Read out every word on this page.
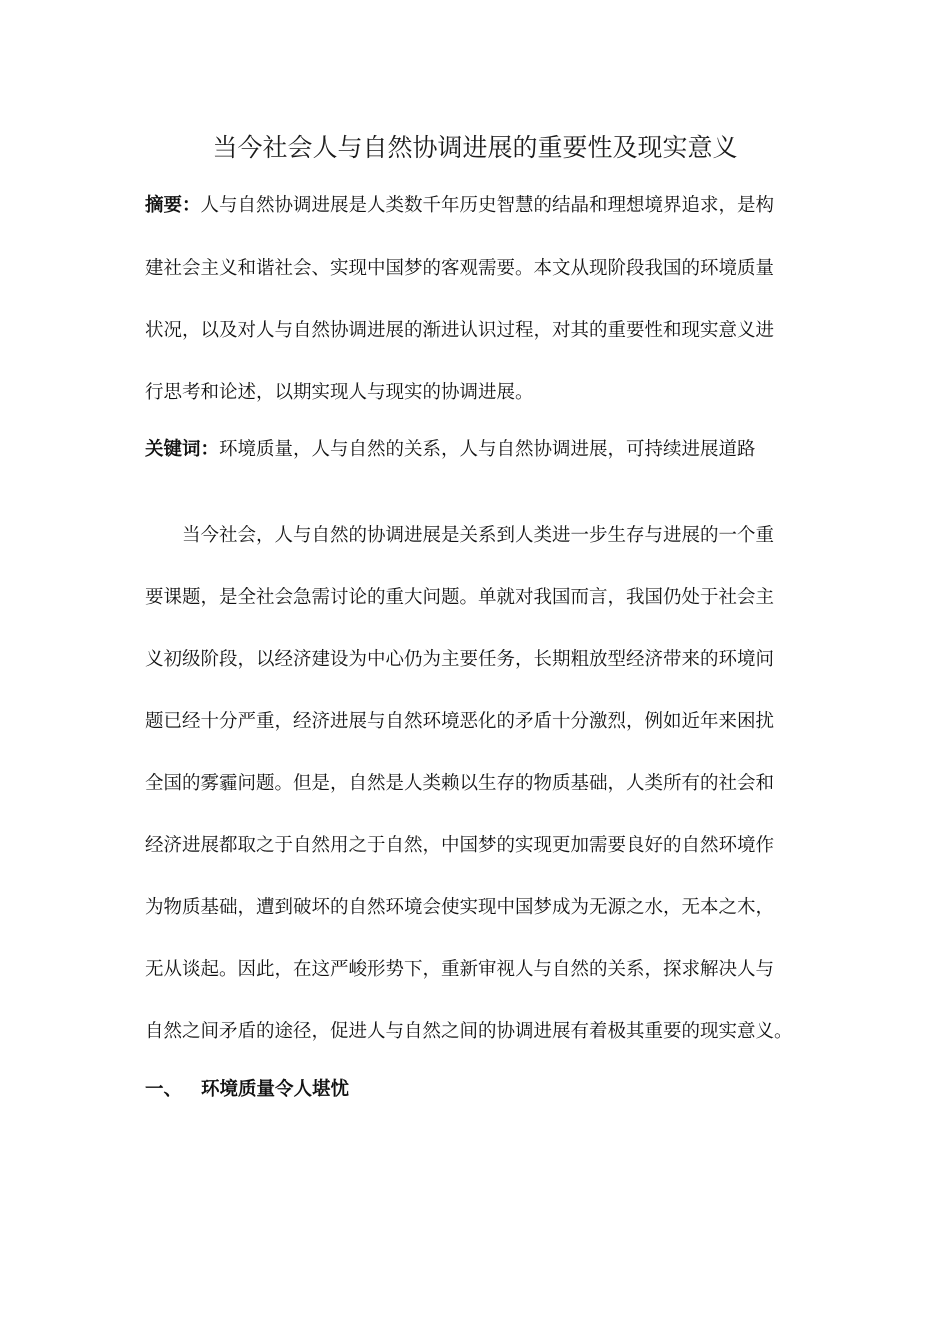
当今社会人与自然协调进展的重要性及现实意义
摘要：人与自然协调进展是人类数千年历史智慧的结晶和理想境界追求，是构
建社会主义和谐社会、实现中国梦的客观需要。本文从现阶段我国的环境质量
状况，以及对人与自然协调进展的渐进认识过程，对其的重要性和现实意义进
行思考和论述，以期实现人与现实的协调进展。
关键词：环境质量，人与自然的关系，人与自然协调进展，可持续进展道路
当今社会，人与自然的协调进展是关系到人类进一步生存与进展的一个重
要课题，是全社会急需讨论的重大问题。单就对我国而言，我国仍处于社会主
义初级阶段，以经济建设为中心仍为主要任务，长期粗放型经济带来的环境问
题已经十分严重，经济进展与自然环境恶化的矛盾十分激烈，例如近年来困扰
全国的雾霾问题。但是，自然是人类赖以生存的物质基础，人类所有的社会和
经济进展都取之于自然用之于自然，中国梦的实现更加需要良好的自然环境作
为物质基础，遭到破坏的自然环境会使实现中国梦成为无源之水，无本之木，
无从谈起。因此，在这严峻形势下，重新审视人与自然的关系，探求解决人与
自然之间矛盾的途径，促进人与自然之间的协调进展有着极其重要的现实意义。
一、 环境质量令人堪忧
